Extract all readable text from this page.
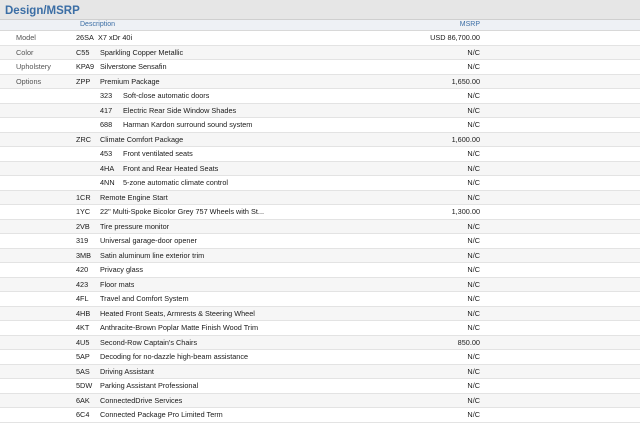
Design/MSRP
Description	MSRP
Model	26SA X7 xDr 40i	USD 86,700.00
Color	C55 Sparkling Copper Metallic	N/C
Upholstery	KPA9 Silverstone Sensafin	N/C
Options	ZPP Premium Package	1,650.00
323 Soft-close automatic doors	N/C
417 Electric Rear Side Window Shades	N/C
688 Harman Kardon surround sound system	N/C
ZRC Climate Comfort Package	1,600.00
453 Front ventilated seats	N/C
4HA Front and Rear Heated Seats	N/C
4NN 5-zone automatic climate control	N/C
1CR Remote Engine Start	N/C
1YC 22" Multi-Spoke Bicolor Grey 757 Wheels with St...	1,300.00
2VB Tire pressure monitor	N/C
319 Universal garage-door opener	N/C
3MB Satin aluminum line exterior trim	N/C
420 Privacy glass	N/C
423 Floor mats	N/C
4FL Travel and Comfort System	N/C
4HB Heated Front Seats, Armrests & Steering Wheel	N/C
4KT Anthracite-Brown Poplar Matte Finish Wood Trim	N/C
4U5 Second-Row Captain's Chairs	850.00
5AP Decoding for no-dazzle high-beam assistance	N/C
5AS Driving Assistant	N/C
5DW Parking Assistant Professional	N/C
6AK ConnectedDrive Services	N/C
6C4 Connected Package Pro Limited Term	N/C
